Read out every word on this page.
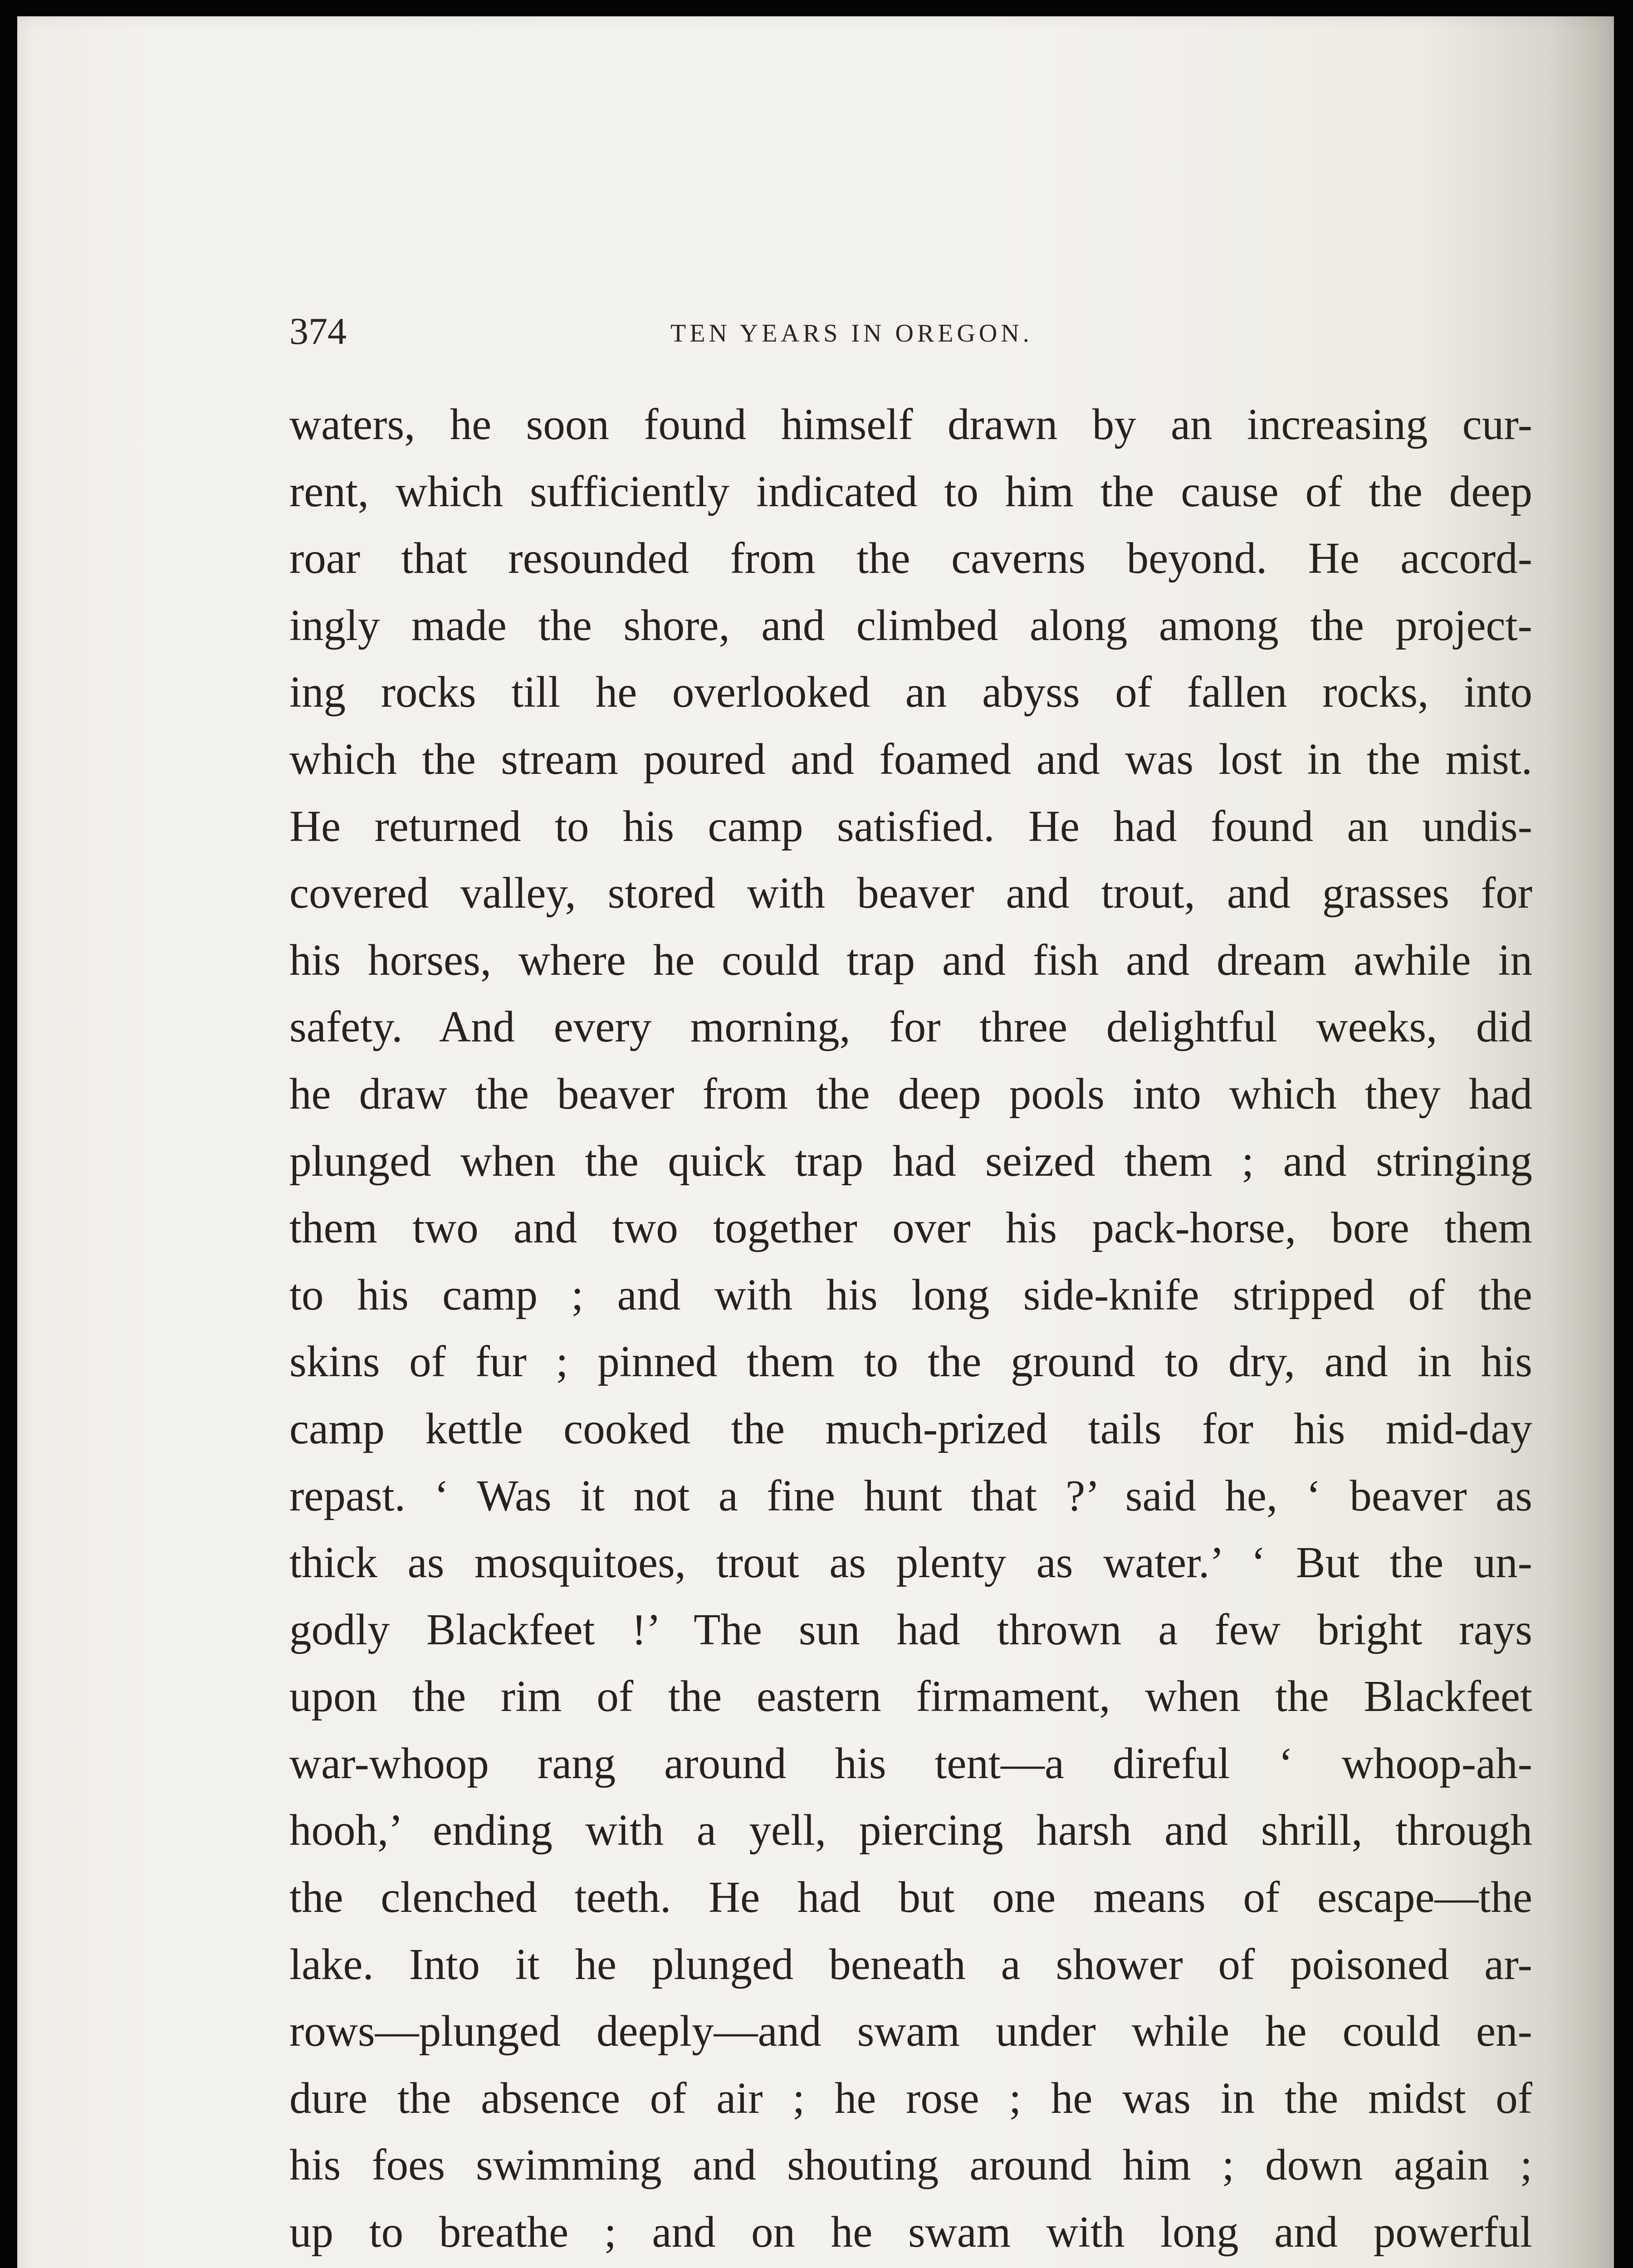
374	TEN YEARS IN OREGON.
waters, he soon found himself drawn by an increasing cur-
rent, which sufficiently indicated to him the cause of the deep
roar that resounded from the caverns beyond. He accord-
ingly made the shore, and climbed along among the project-
ing rocks till he overlooked an abyss of fallen rocks, into
which the stream poured and foamed and was lost in the mist.
He returned to his camp satisfied. He had found an undis-
covered valley, stored with beaver and trout, and grasses for
his horses, where he could trap and fish and dream awhile in
safety. And every morning, for three delightful weeks, did
he draw the beaver from the deep pools into which they had
plunged when the quick trap had seized them ; and stringing
them two and two together over his pack-horse, bore them
to his camp ; and with his long side-knife stripped of the
skins of fur ; pinned them to the ground to dry, and in his
camp kettle cooked the much-prized tails for his mid-day
repast. ‘ Was it not a fine hunt that ?’ said he, ‘ beaver as
thick as mosquitoes, trout as plenty as water.’ ‘ But the un-
godly Blackfeet !’ The sun had thrown a few bright rays
upon the rim of the eastern firmament, when the Blackfeet
war-whoop rang around his tent—a direful ‘ whoop-ah-
hooh,’ ending with a yell, piercing harsh and shrill, through
the clenched teeth. He had but one means of escape—the
lake. Into it he plunged beneath a shower of poisoned ar-
rows—plunged deeply—and swam under while he could en-
dure the absence of air ; he rose ; he was in the midst of
his foes swimming and shouting around him ; down again ;
up to breathe ; and on he swam with long and powerful
